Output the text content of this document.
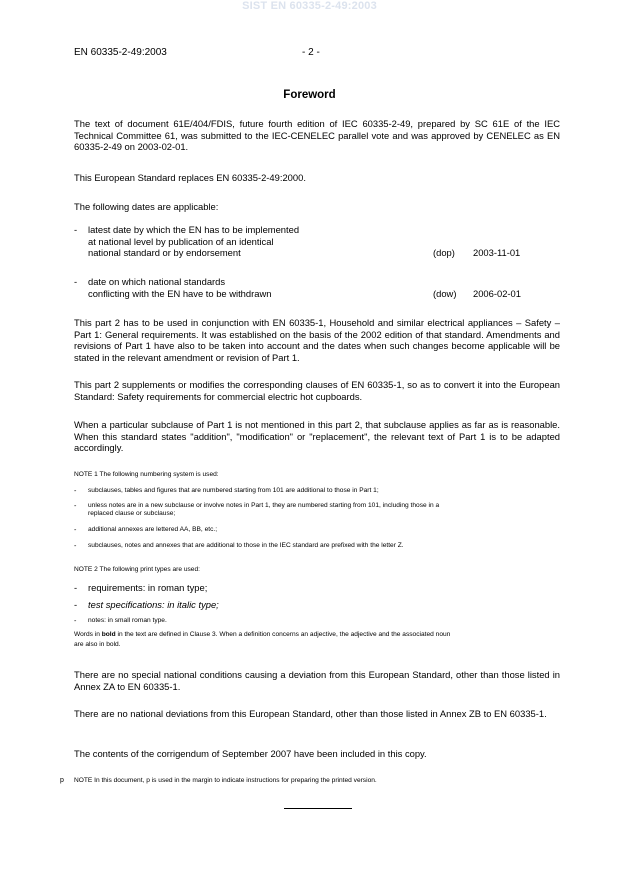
SIST EN 60335-2-49:2003
EN 60335-2-49:2003	- 2 -
Foreword
The text of document 61E/404/FDIS, future fourth edition of IEC 60335-2-49, prepared by SC 61E of the IEC Technical Committee 61, was submitted to the IEC-CENELEC parallel vote and was approved by CENELEC as EN 60335-2-49 on 2003-02-01.
This European Standard replaces EN 60335-2-49:2000.
The following dates are applicable:
- latest date by which the EN has to be implemented
at national level by publication of an identical
national standard or by endorsement	(dop) 2003-11-01
- date on which national standards
conflicting with the EN have to be withdrawn	(dow) 2006-02-01
This part 2 has to be used in conjunction with EN 60335-1, Household and similar electrical appliances – Safety – Part 1: General requirements. It was established on the basis of the 2002 edition of that standard. Amendments and revisions of Part 1 have also to be taken into account and the dates when such changes become applicable will be stated in the relevant amendment or revision of Part 1.
This part 2 supplements or modifies the corresponding clauses of EN 60335-1, so as to convert it into the European Standard: Safety requirements for commercial electric hot cupboards.
When a particular subclause of Part 1 is not mentioned in this part 2, that subclause applies as far as is reasonable. When this standard states "addition", "modification" or "replacement", the relevant text of Part 1 is to be adapted accordingly.
NOTE 1 The following numbering system is used:
- subclauses, tables and figures that are numbered starting from 101 are additional to those in Part 1;
- unless notes are in a new subclause or involve notes in Part 1, they are numbered starting from 101, including those in a
replaced clause or subclause;
- additional annexes are lettered AA, BB, etc.;
- subclauses, notes and annexes that are additional to those in the IEC standard are prefixed with the letter Z.
NOTE 2 The following print types are used:
- requirements: in roman type;
- test specifications: in italic type;
- notes: in small roman type.
Words in bold in the text are defined in Clause 3. When a definition concerns an adjective, the adjective and the associated noun
are also in bold.
There are no special national conditions causing a deviation from this European Standard, other than those listed in Annex ZA to EN 60335-1.
There are no national deviations from this European Standard, other than those listed in Annex ZB to EN 60335-1.
The contents of the corrigendum of September 2007 have been included in this copy.
p NOTE In this document, p is used in the margin to indicate instructions for preparing the printed version.
